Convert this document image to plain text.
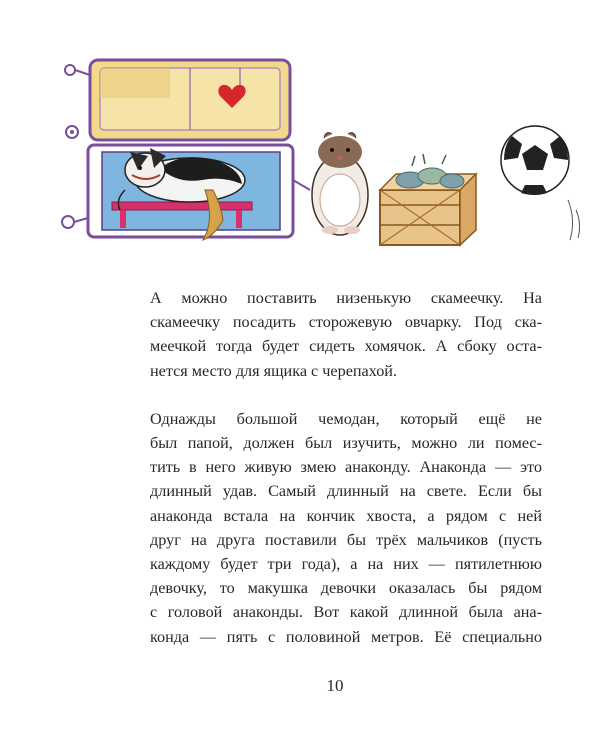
А можно поставить низенькую скамеечку. На
скамеечку посадить сторожевую овчарку. Под ска-
меечкой тогда будет сидеть хомячок. А сбоку оста-
нется место для ящика с черепахой.

Однажды большой чемодан, который ещё не
был папой, должен был изучить, можно ли помес-
тить в него живую змею анаконду. Анаконда — это
длинный удав. Самый длинный на свете. Если бы
анаконда встала на кончик хвоста, а рядом с ней
друг на друга поставили бы трёх мальчиков (пусть
каждому будет три года), а на них — пятилетнюю
девочку, то макушка девочки оказалась бы рядом
с головой анаконды. Вот какой длинной была ана-
конда — пять с половиной метров. Её специально

10
